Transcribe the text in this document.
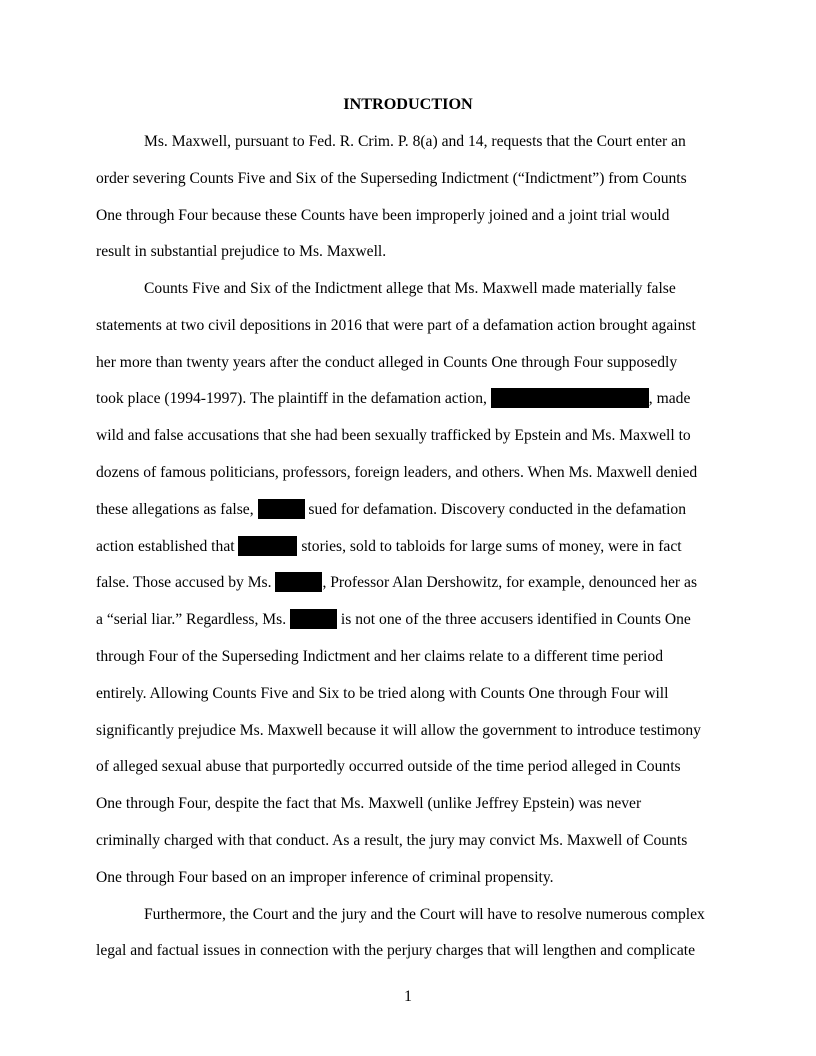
INTRODUCTION
Ms. Maxwell, pursuant to Fed. R. Crim. P. 8(a) and 14, requests that the Court enter an
order severing Counts Five and Six of the Superseding Indictment (“Indictment”) from Counts
One through Four because these Counts have been improperly joined and a joint trial would
result in substantial prejudice to Ms. Maxwell.
Counts Five and Six of the Indictment allege that Ms. Maxwell made materially false
statements at two civil depositions in 2016 that were part of a defamation action brought against
her more than twenty years after the conduct alleged in Counts One through Four supposedly
took place (1994-1997). The plaintiff in the defamation action,	, made
wild and false accusations that she had been sexually trafficked by Epstein and Ms. Maxwell to
dozens of famous politicians, professors, foreign leaders, and others. When Ms. Maxwell denied
these allegations as false,	sued for defamation. Discovery conducted in the defamation
action established that	stories, sold to tabloids for large sums of money, were in fact
false. Those accused by Ms.	, Professor Alan Dershowitz, for example, denounced her as
a “serial liar.” Regardless, Ms.	is not one of the three accusers identified in Counts One
through Four of the Superseding Indictment and her claims relate to a different time period
entirely. Allowing Counts Five and Six to be tried along with Counts One through Four will
significantly prejudice Ms. Maxwell because it will allow the government to introduce testimony
of alleged sexual abuse that purportedly occurred outside of the time period alleged in Counts
One through Four, despite the fact that Ms. Maxwell (unlike Jeffrey Epstein) was never
criminally charged with that conduct. As a result, the jury may convict Ms. Maxwell of Counts
One through Four based on an improper inference of criminal propensity.
Furthermore, the Court and the jury and the Court will have to resolve numerous complex
legal and factual issues in connection with the perjury charges that will lengthen and complicate
1
